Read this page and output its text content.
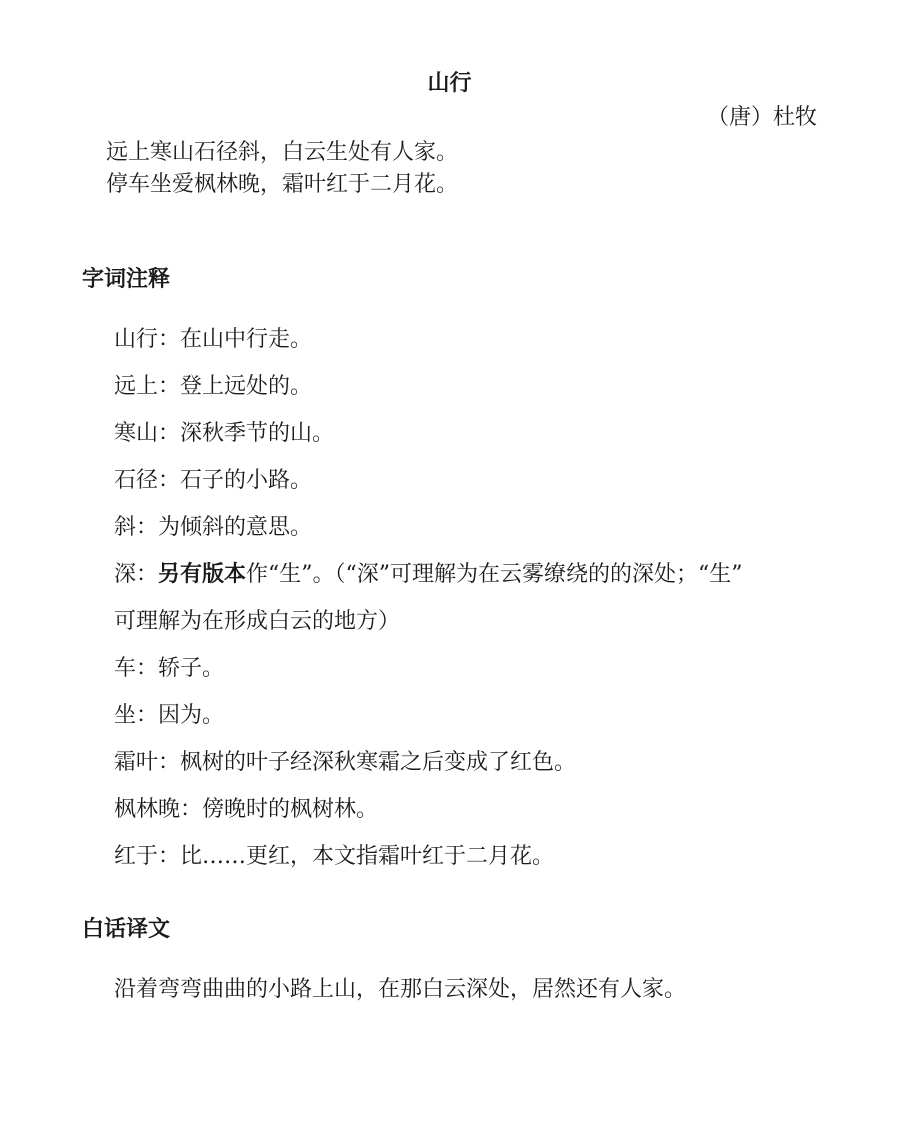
山行
（唐）杜牧
远上寒山石径斜，白云生处有人家。
停车坐爱枫林晚，霜叶红于二月花。
字词注释
山行：在山中行走。
远上：登上远处的。
寒山：深秋季节的山。
石径：石子的小路。
斜：为倾斜的意思。
深：另有版本作“生”。（“深”可理解为在云雾缭绕的的深处；“生”
可理解为在形成白云的地方）
车：轿子。
坐：因为。
霜叶：枫树的叶子经深秋寒霜之后变成了红色。
枫林晚：傍晚时的枫树林。
红于：比……更红，本文指霜叶红于二月花。
白话译文
沿着弯弯曲曲的小路上山，在那白云深处，居然还有人家。
